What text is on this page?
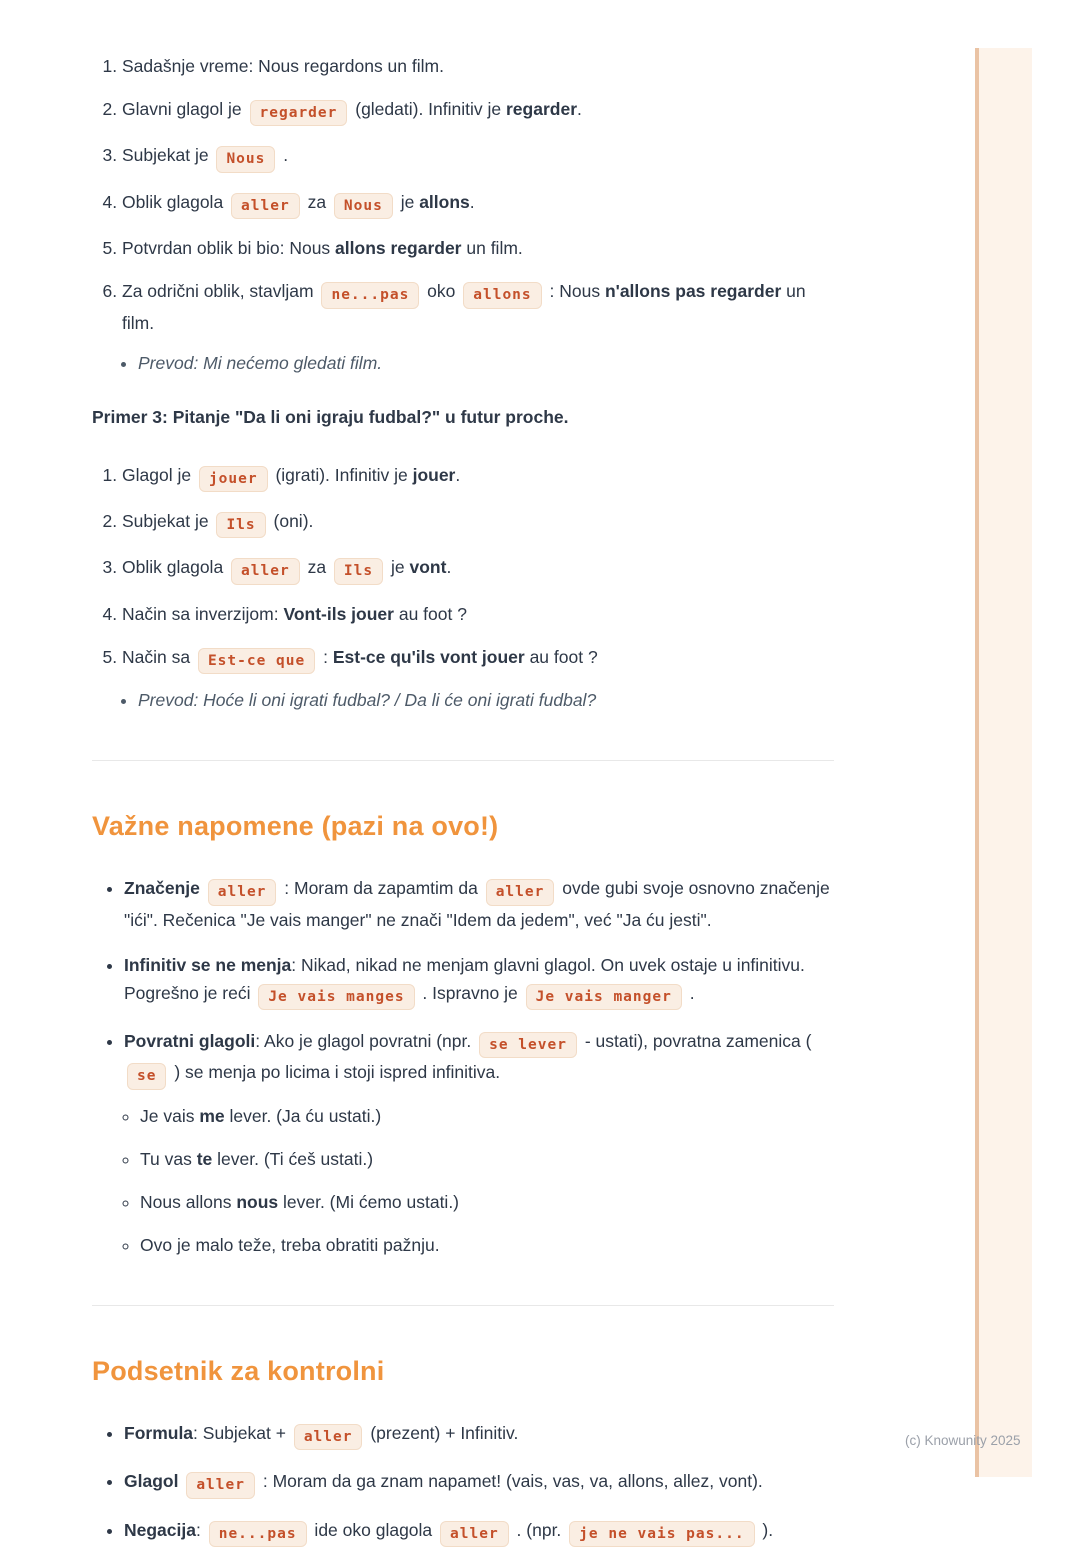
1. Sadašnje vreme: Nous regardons un film.
2. Glavni glagol je regarder (gledati). Infinitiv je regarder.
3. Subjekat je Nous .
4. Oblik glagola aller za Nous je allons.
5. Potvrdan oblik bi bio: Nous allons regarder un film.
6. Za odrični oblik, stavljam ne...pas oko allons : Nous n'allons pas regarder un film.
• Prevod: Mi nećemo gledati film.

Primer 3: Pitanje "Da li oni igraju fudbal?" u futur proche.

1. Glagol je jouer (igrati). Infinitiv je jouer.
2. Subjekat je Ils (oni).
3. Oblik glagola aller za Ils je vont.
4. Način sa inverzijom: Vont-ils jouer au foot ?
5. Način sa Est-ce que : Est-ce qu'ils vont jouer au foot ?
• Prevod: Hoće li oni igrati fudbal? / Da li će oni igrati fudbal?
Važne napomene (pazi na ovo!)
• Značenje aller : Moram da zapamtim da aller ovde gubi svoje osnovno značenje "ići". Rečenica "Je vais manger" ne znači "Idem da jedem", već "Ja ću jesti".
• Infinitiv se ne menja: Nikad, nikad ne menjam glavni glagol. On uvek ostaje u infinitivu. Pogrešno je reći Je vais manges . Ispravno je Je vais manger .
• Povratni glagoli: Ako je glagol povratni (npr. se lever - ustati), povratna zamenica ( se ) se menja po licima i stoji ispred infinitiva.
◦ Je vais me lever. (Ja ću ustati.)
◦ Tu vas te lever. (Ti ćeš ustati.)
◦ Nous allons nous lever. (Mi ćemo ustati.)
◦ Ovo je malo teže, treba obratiti pažnju.
Podsetnik za kontrolni
• Formula: Subjekat + aller (prezent) + Infinitiv.
• Glagol aller : Moram da ga znam napamet! (vais, vas, va, allons, allez, vont).
• Negacija: ne...pas ide oko glagola aller . (npr. je ne vais pas... ).
(c) Knowunity 2025
